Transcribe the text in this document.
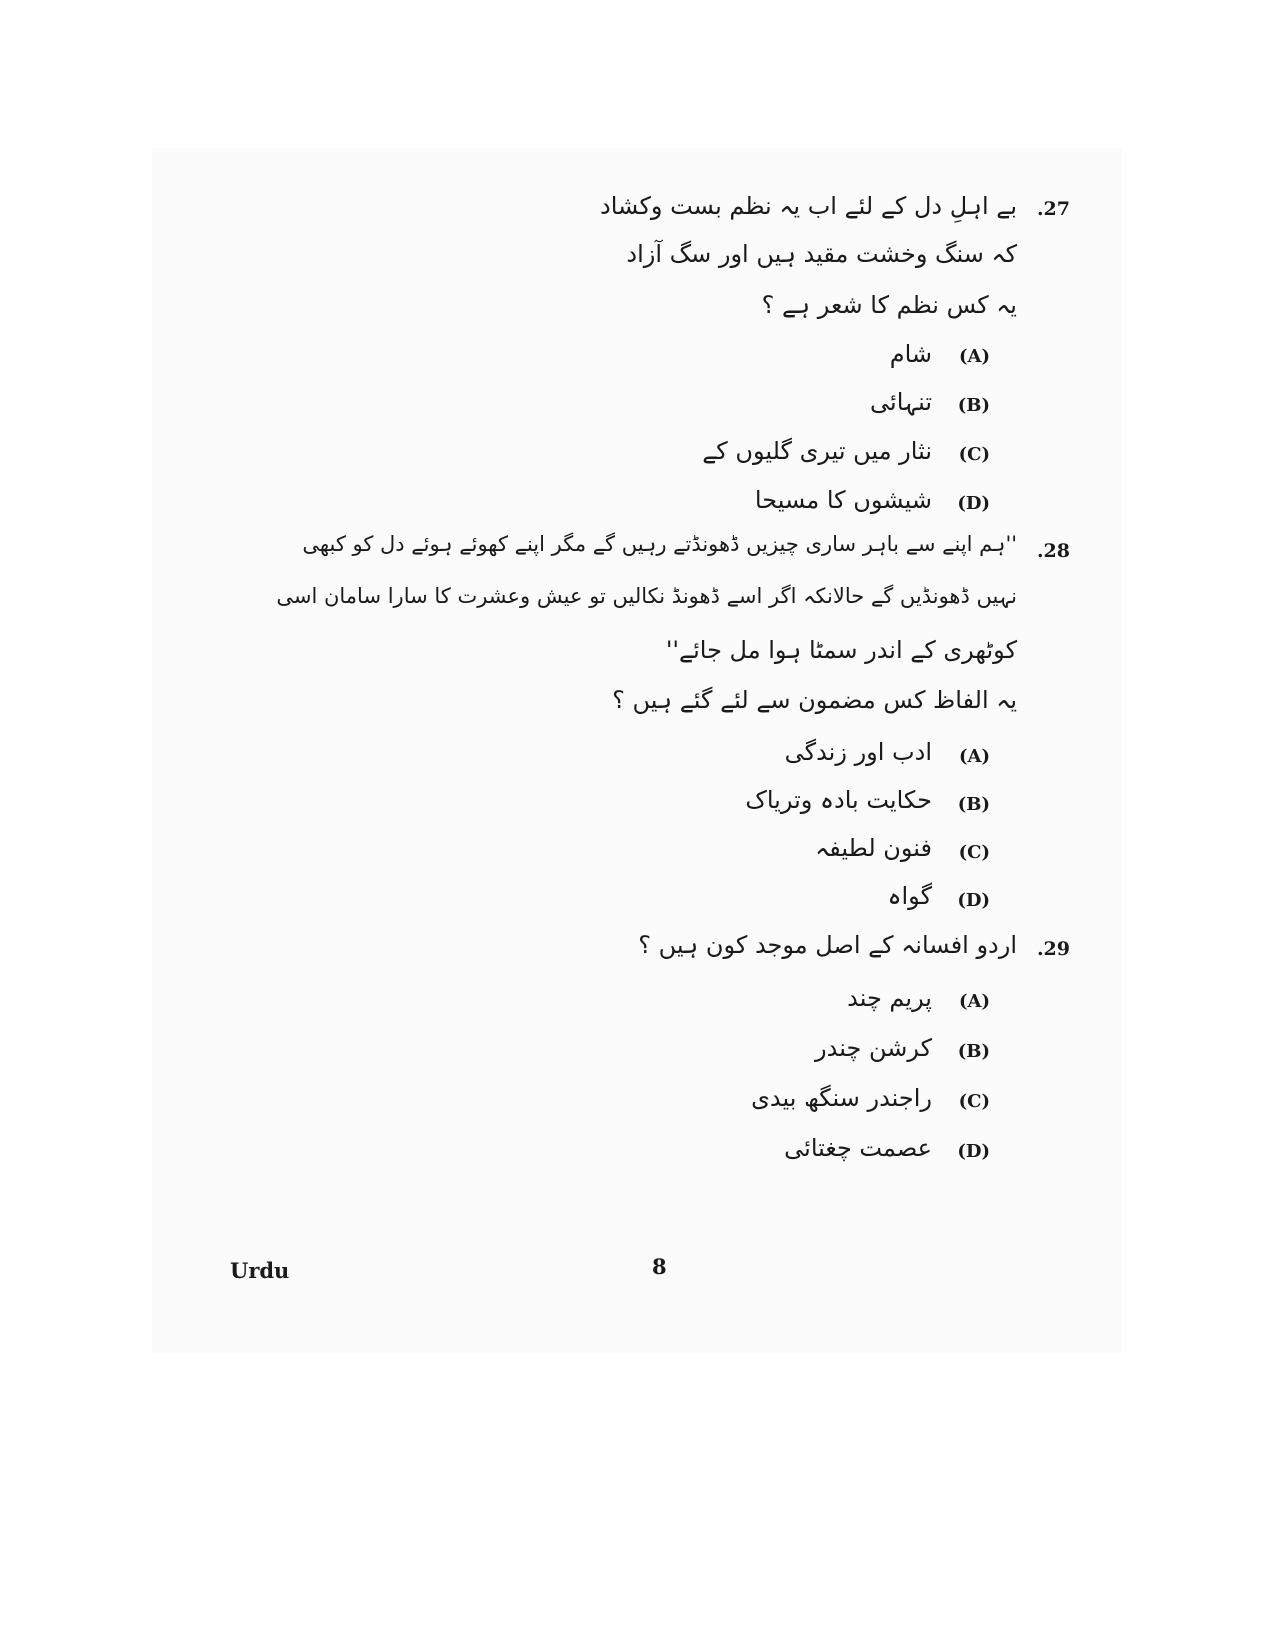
.27
بے اہلِ دل کے لئے اب یہ نظم بست وکشاد
کہ سنگ وخشت مقید ہیں اور سگ آزاد
یہ کس نظم کا شعر ہے ؟
(A)
شام
(B)
تنہائی
(C)
نثار میں تیری گلیوں کے
(D)
شیشوں کا مسیحا
.28
''ہم اپنے سے باہر ساری چیزیں ڈھونڈتے رہیں گے مگر اپنے کھوئے ہوئے دل کو کبھی
نہیں ڈھونڈیں گے حالانکہ اگر اسے ڈھونڈ نکالیں تو عیش وعشرت کا سارا سامان اسی
کوٹھری کے اندر سمٹا ہوا مل جائے''
یہ الفاظ کس مضمون سے لئے گئے ہیں ؟
(A)
ادب اور زندگی
(B)
حکایت بادہ وتریاک
(C)
فنون لطیفہ
(D)
گواہ
.29
اردو افسانہ کے اصل موجد کون ہیں ؟
(A)
پریم چند
(B)
کرشن چندر
(C)
راجندر سنگھ بیدی
(D)
عصمت چغتائی
Urdu	8
